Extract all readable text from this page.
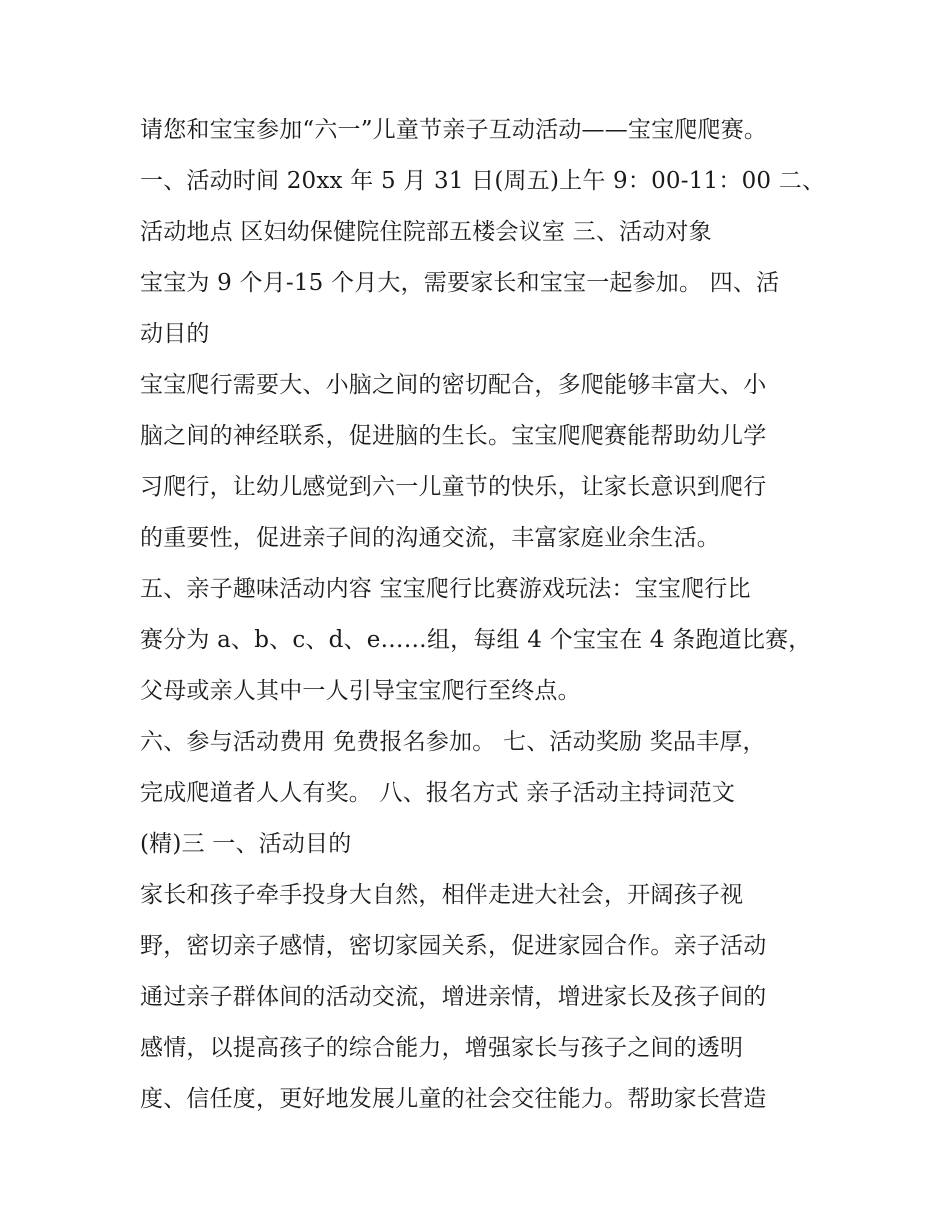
请您和宝宝参加“六一”儿童节亲子互动活动——宝宝爬爬赛。
一、活动时间 20xx 年 5 月 31 日(周五)上午 9：00-11：00 二、
活动地点 区妇幼保健院住院部五楼会议室 三、活动对象
宝宝为 9 个月-15 个月大，需要家长和宝宝一起参加。 四、活
动目的
宝宝爬行需要大、小脑之间的密切配合，多爬能够丰富大、小
脑之间的神经联系，促进脑的生长。宝宝爬爬赛能帮助幼儿学
习爬行，让幼儿感觉到六一儿童节的快乐，让家长意识到爬行
的重要性，促进亲子间的沟通交流，丰富家庭业余生活。
五、亲子趣味活动内容 宝宝爬行比赛游戏玩法：宝宝爬行比
赛分为 a、b、c、d、e……组，每组 4 个宝宝在 4 条跑道比赛，
父母或亲人其中一人引导宝宝爬行至终点。
六、参与活动费用 免费报名参加。 七、活动奖励 奖品丰厚，
完成爬道者人人有奖。 八、报名方式 亲子活动主持词范文
(精)三 一、活动目的
家长和孩子牵手投身大自然，相伴走进大社会，开阔孩子视
野，密切亲子感情，密切家园关系，促进家园合作。亲子活动
通过亲子群体间的活动交流，增进亲情，增进家长及孩子间的
感情，以提高孩子的综合能力，增强家长与孩子之间的透明
度、信任度，更好地发展儿童的社会交往能力。帮助家长营造
